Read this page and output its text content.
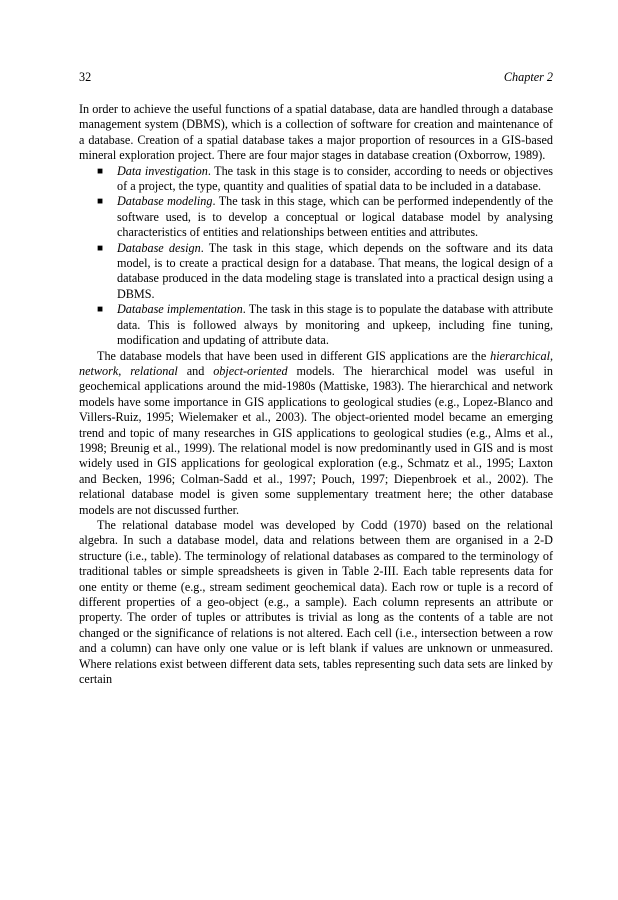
32	Chapter 2

In order to achieve the useful functions of a spatial database, data are handled through a database management system (DBMS), which is a collection of software for creation and maintenance of a database. Creation of a spatial database takes a major proportion of resources in a GIS-based mineral exploration project. There are four major stages in database creation (Oxborrow, 1989).

■ Data investigation. The task in this stage is to consider, according to needs or objectives of a project, the type, quantity and qualities of spatial data to be included in a database.
■ Database modeling. The task in this stage, which can be performed independently of the software used, is to develop a conceptual or logical database model by analysing characteristics of entities and relationships between entities and attributes.
■ Database design. The task in this stage, which depends on the software and its data model, is to create a practical design for a database. That means, the logical design of a database produced in the data modeling stage is translated into a practical design using a DBMS.
■ Database implementation. The task in this stage is to populate the database with attribute data. This is followed always by monitoring and upkeep, including fine tuning, modification and updating of attribute data.

The database models that have been used in different GIS applications are the hierarchical, network, relational and object-oriented models. The hierarchical model was useful in geochemical applications around the mid-1980s (Mattiske, 1983). The hierarchical and network models have some importance in GIS applications to geological studies (e.g., Lopez-Blanco and Villers-Ruiz, 1995; Wielemaker et al., 2003). The object-oriented model became an emerging trend and topic of many researches in GIS applications to geological studies (e.g., Alms et al., 1998; Breunig et al., 1999). The relational model is now predominantly used in GIS and is most widely used in GIS applications for geological exploration (e.g., Schmatz et al., 1995; Laxton and Becken, 1996; Colman-Sadd et al., 1997; Pouch, 1997; Diepenbroek et al., 2002). The relational database model is given some supplementary treatment here; the other database models are not discussed further.

The relational database model was developed by Codd (1970) based on the relational algebra. In such a database model, data and relations between them are organised in a 2-D structure (i.e., table). The terminology of relational databases as compared to the terminology of traditional tables or simple spreadsheets is given in Table 2-III. Each table represents data for one entity or theme (e.g., stream sediment geochemical data). Each row or tuple is a record of different properties of a geo-object (e.g., a sample). Each column represents an attribute or property. The order of tuples or attributes is trivial as long as the contents of a table are not changed or the significance of relations is not altered. Each cell (i.e., intersection between a row and a column) can have only one value or is left blank if values are unknown or unmeasured. Where relations exist between different data sets, tables representing such data sets are linked by certain
